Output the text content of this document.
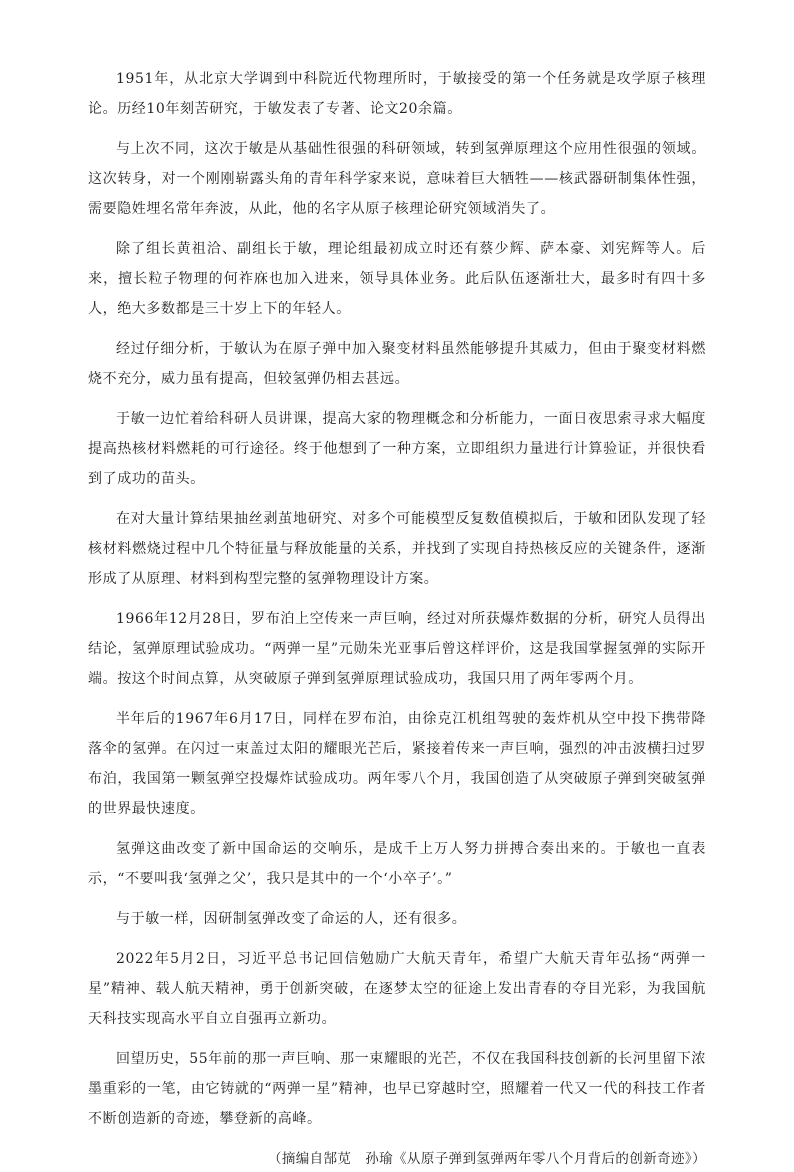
1951年，从北京大学调到中科院近代物理所时，于敏接受的第一个任务就是攻学原子核理论。历经10年刻苦研究，于敏发表了专著、论文20余篇。

与上次不同，这次于敏是从基础性很强的科研领域，转到氢弹原理这个应用性很强的领域。这次转身，对一个刚刚崭露头角的青年科学家来说，意味着巨大牺牲——核武器研制集体性强，需要隐姓埋名常年奔波，从此，他的名字从原子核理论研究领域消失了。

除了组长黄祖洽、副组长于敏，理论组最初成立时还有蔡少辉、萨本豪、刘宪辉等人。后来，擅长粒子物理的何祚庥也加入进来，领导具体业务。此后队伍逐渐壮大，最多时有四十多人，绝大多数都是三十岁上下的年轻人。

经过仔细分析，于敏认为在原子弹中加入聚变材料虽然能够提升其威力，但由于聚变材料燃烧不充分，威力虽有提高，但较氢弹仍相去甚远。

于敏一边忙着给科研人员讲课，提高大家的物理概念和分析能力，一面日夜思索寻求大幅度提高热核材料燃耗的可行途径。终于他想到了一种方案，立即组织力量进行计算验证，并很快看到了成功的苗头。

在对大量计算结果抽丝剥茧地研究、对多个可能模型反复数值模拟后，于敏和团队发现了轻核材料燃烧过程中几个特征量与释放能量的关系，并找到了实现自持热核反应的关键条件，逐渐形成了从原理、材料到构型完整的氢弹物理设计方案。

1966年12月28日，罗布泊上空传来一声巨响，经过对所获爆炸数据的分析，研究人员得出结论，氢弹原理试验成功。“两弹一星”元勋朱光亚事后曾这样评价，这是我国掌握氢弹的实际开端。按这个时间点算，从突破原子弹到氢弹原理试验成功，我国只用了两年零两个月。

半年后的1967年6月17日，同样在罗布泊，由徐克江机组驾驶的轰炸机从空中投下携带降落伞的氢弹。在闪过一束盖过太阳的耀眼光芒后，紧接着传来一声巨响，强烈的冲击波横扫过罗布泊，我国第一颗氢弹空投爆炸试验成功。两年零八个月，我国创造了从突破原子弹到突破氢弹的世界最快速度。

氢弹这曲改变了新中国命运的交响乐，是成千上万人努力拼搏合奏出来的。于敏也一直表示，“不要叫我‘氢弹之父’，我只是其中的一个‘小卒子’。”

与于敏一样，因研制氢弹改变了命运的人，还有很多。

2022年5月2日，习近平总书记回信勉励广大航天青年，希望广大航天青年弘扬“两弹一星”精神、载人航天精神，勇于创新突破，在逐梦太空的征途上发出青春的夺目光彩，为我国航天科技实现高水平自立自强再立新功。

回望历史，55年前的那一声巨响、那一束耀眼的光芒，不仅在我国科技创新的长河里留下浓墨重彩的一笔，由它铸就的“两弹一星”精神，也早已穿越时空，照耀着一代又一代的科技工作者不断创造新的奇迹，攀登新的高峰。

（摘编自郜苋　孙瑜《从原子弹到氢弹两年零八个月背后的创新奇迹》）
